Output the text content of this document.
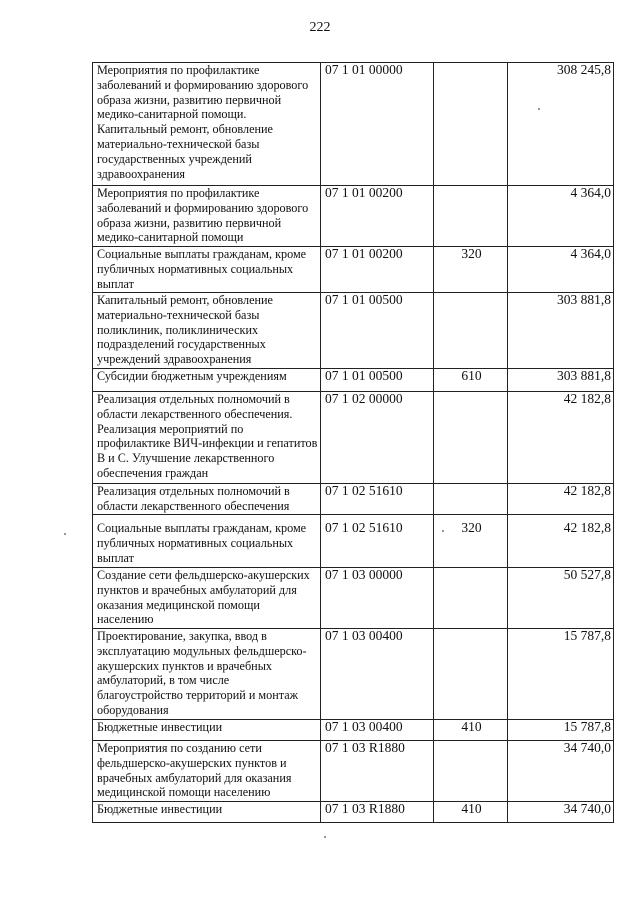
222
Мероприятия по профилактике заболеваний и формированию здорового образа жизни, развитию первичной медико-санитарной помощи. Капитальный ремонт, обновление материально-технической базы государственных учреждений здравоохранения	07 1 01 00000		308 245,8
Мероприятия по профилактике заболеваний и формированию здорового образа жизни, развитию первичной медико-санитарной помощи	07 1 01 00200		4 364,0
Социальные выплаты гражданам, кроме публичных нормативных социальных выплат	07 1 01 00200	320	4 364,0
Капитальный ремонт, обновление материально-технической базы поликлиник, поликлинических подразделений государственных учреждений здравоохранения	07 1 01 00500		303 881,8
Субсидии бюджетным учреждениям	07 1 01 00500	610	303 881,8
Реализация отдельных полномочий в области лекарственного обеспечения. Реализация мероприятий по профилактике ВИЧ-инфекции и гепатитов В и С. Улучшение лекарственного обеспечения граждан	07 1 02 00000		42 182,8
Реализация отдельных полномочий в области лекарственного обеспечения	07 1 02 51610		42 182,8
Социальные выплаты гражданам, кроме публичных нормативных социальных выплат	07 1 02 51610	320	42 182,8
Создание сети фельдшерско-акушерских пунктов и врачебных амбулаторий для оказания медицинской помощи населению	07 1 03 00000		50 527,8
Проектирование, закупка, ввод в эксплуатацию модульных фельдшерско-акушерских пунктов и врачебных амбулаторий, в том числе благоустройство территорий и монтаж оборудования	07 1 03 00400		15 787,8
Бюджетные инвестиции	07 1 03 00400	410	15 787,8
Мероприятия по созданию сети фельдшерско-акушерских пунктов и врачебных амбулаторий для оказания медицинской помощи населению	07 1 03 R1880		34 740,0
Бюджетные инвестиции	07 1 03 R1880	410	34 740,0
